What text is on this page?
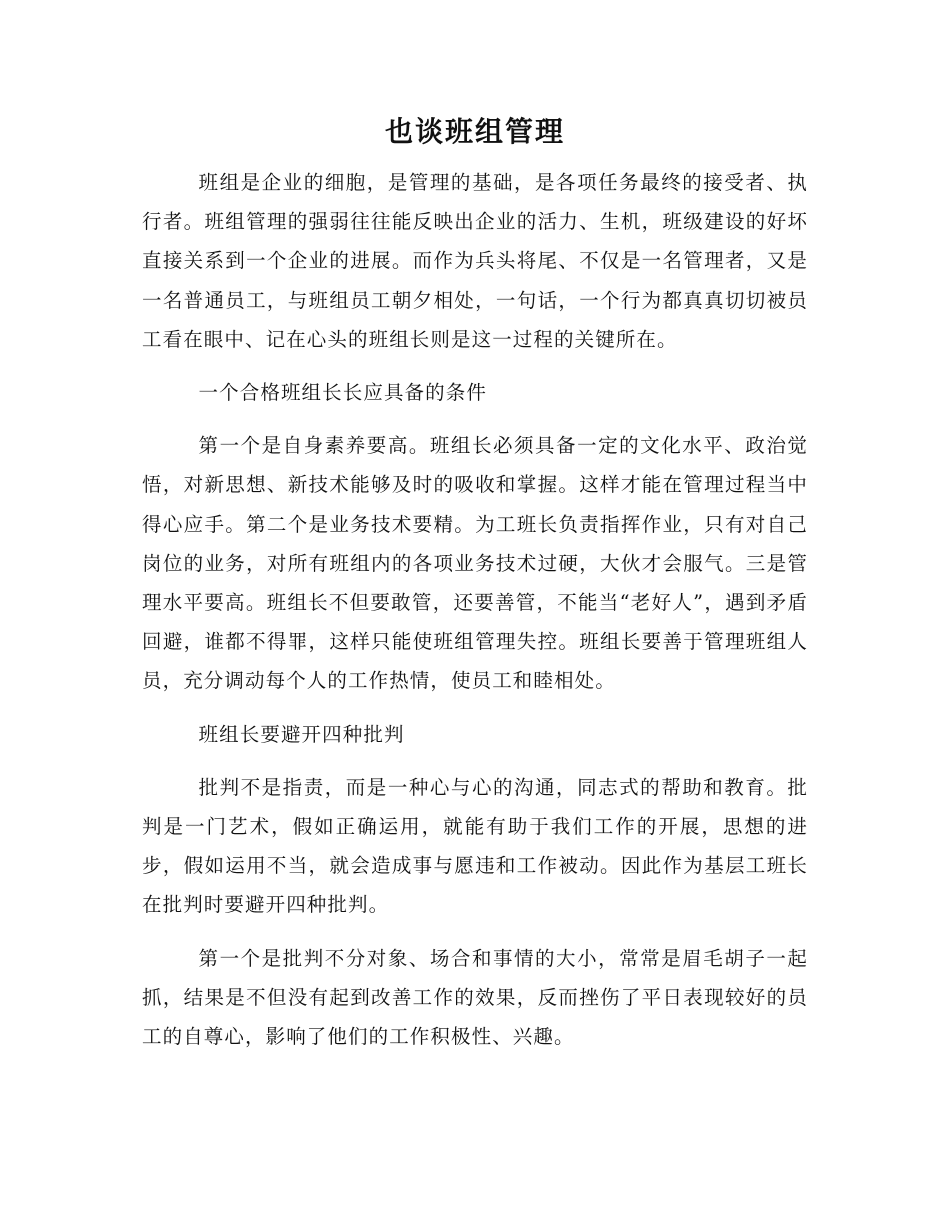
也谈班组管理

班组是企业的细胞，是管理的基础，是各项任务最终的接受者、执行者。班组管理的强弱往往能反映出企业的活力、生机，班级建设的好坏直接关系到一个企业的进展。而作为兵头将尾、不仅是一名管理者，又是一名普通员工，与班组员工朝夕相处，一句话，一个行为都真真切切被员工看在眼中、记在心头的班组长则是这一过程的关键所在。

一个合格班组长长应具备的条件

第一个是自身素养要高。班组长必须具备一定的文化水平、政治觉悟，对新思想、新技术能够及时的吸收和掌握。这样才能在管理过程当中得心应手。第二个是业务技术要精。为工班长负责指挥作业，只有对自己岗位的业务，对所有班组内的各项业务技术过硬，大伙才会服气。三是管理水平要高。班组长不但要敢管，还要善管，不能当“老好人”，遇到矛盾回避，谁都不得罪，这样只能使班组管理失控。班组长要善于管理班组人员，充分调动每个人的工作热情，使员工和睦相处。

班组长要避开四种批判

批判不是指责，而是一种心与心的沟通，同志式的帮助和教育。批判是一门艺术，假如正确运用，就能有助于我们工作的开展，思想的进步，假如运用不当，就会造成事与愿违和工作被动。因此作为基层工班长在批判时要避开四种批判。

第一个是批判不分对象、场合和事情的大小，常常是眉毛胡子一起抓，结果是不但没有起到改善工作的效果，反而挫伤了平日表现较好的员工的自尊心，影响了他们的工作积极性、兴趣。
